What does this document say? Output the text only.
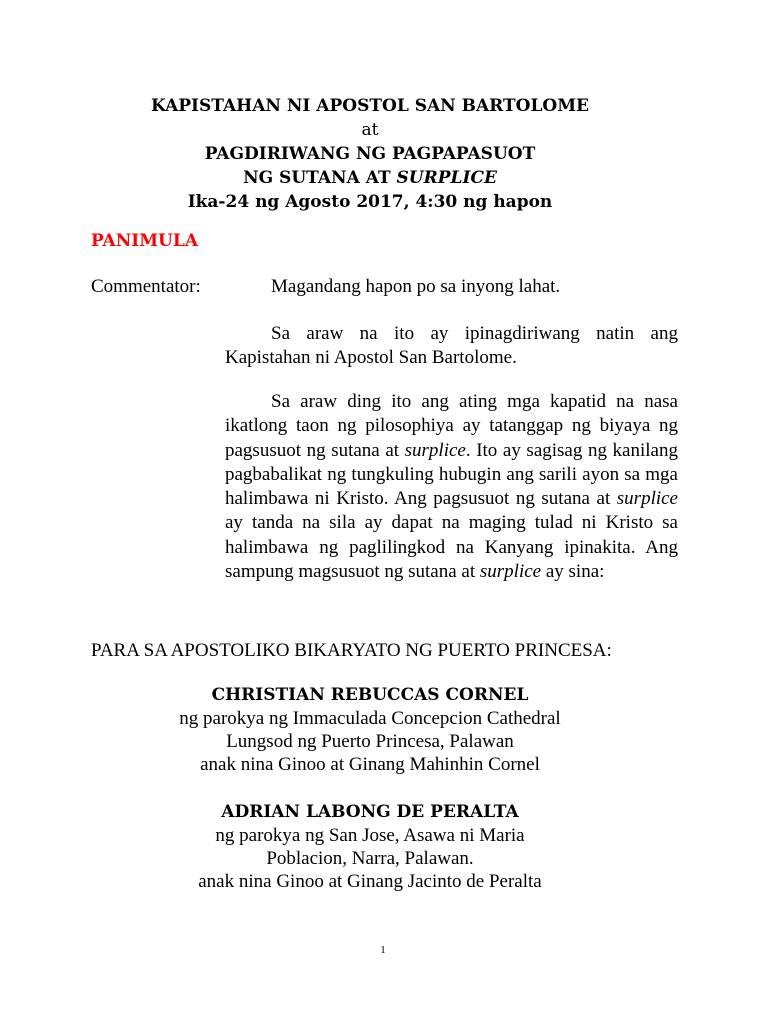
KAPISTAHAN NI APOSTOL SAN BARTOLOME
at
PAGDIRIWANG NG PAGPAPASUOT
NG SUTANA AT SURPLICE
Ika-24 ng Agosto 2017, 4:30 ng hapon
PANIMULA
Commentator:	Magandang hapon po sa inyong lahat.
Sa araw na ito ay ipinagdiriwang natin ang Kapistahan ni Apostol San Bartolome.
Sa araw ding ito ang ating mga kapatid na nasa ikatlong taon ng pilosophiya ay tatanggap ng biyaya ng pagsusuot ng sutana at surplice. Ito ay sagisag ng kanilang pagbabalikat ng tungkuling hubugin ang sarili ayon sa mga halimbawa ni Kristo. Ang pagsusuot ng sutana at surplice ay tanda na sila ay dapat na maging tulad ni Kristo sa halimbawa ng paglilingkod na Kanyang ipinakita. Ang sampung magsusuot ng sutana at surplice ay sina:
PARA SA APOSTOLIKO BIKARYATO NG PUERTO PRINCESA:
CHRISTIAN REBUCCAS CORNEL
ng parokya ng Immaculada Concepcion Cathedral
Lungsod ng Puerto Princesa, Palawan
anak nina Ginoo at Ginang Mahinhin Cornel
ADRIAN LABONG DE PERALTA
ng parokya ng San Jose, Asawa ni Maria
Poblacion, Narra, Palawan.
anak nina Ginoo at Ginang Jacinto de Peralta
1
